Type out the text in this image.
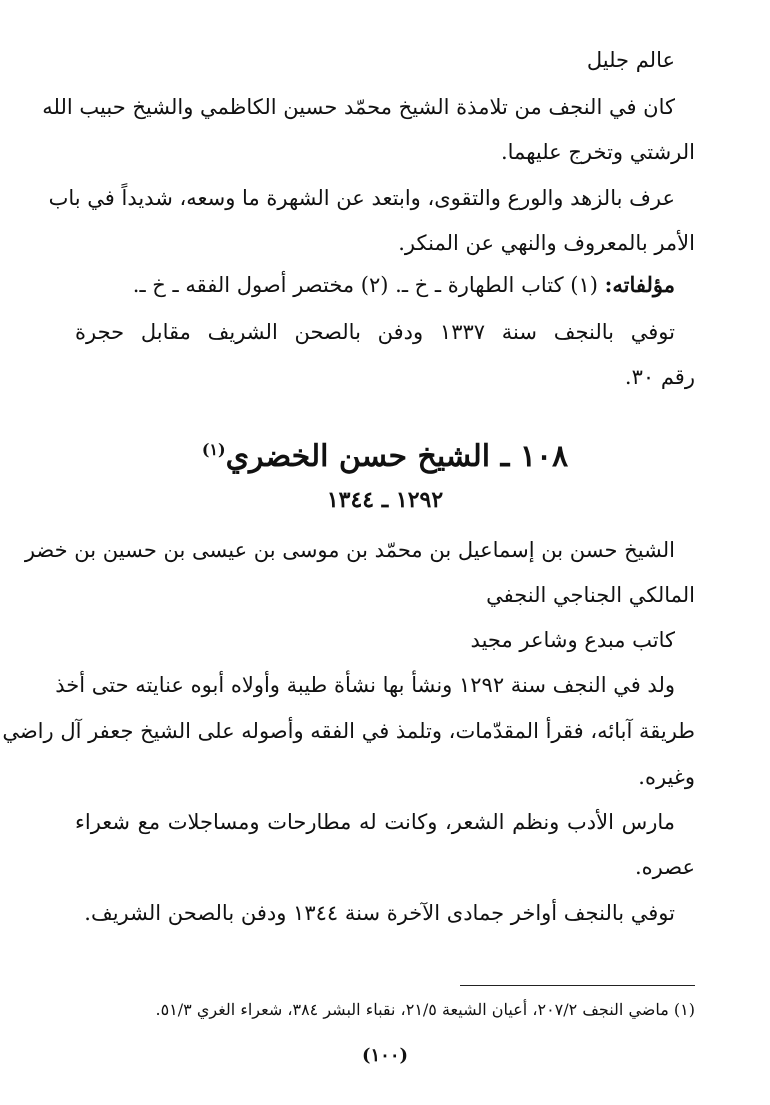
عالم جليل
كان في النجف من تلامذة الشيخ محمّد حسين الكاظمي والشيخ حبيب الله
الرشتي وتخرج عليهما.
عرف بالزهد والورع والتقوى، وابتعد عن الشهرة ما وسعه، شديداً في باب
الأمر بالمعروف والنهي عن المنكر.
مؤلفاته: (١) كتاب الطهارة ـ خ ـ. (٢) مختصر أصول الفقه ـ خ ـ.
توفي بالنجف سنة ١٣٣٧ ودفن بالصحن الشريف مقابل حجرة
رقم ٣٠.
١٠٨ ـ الشيخ حسن الخضري$^{(١)}$
١٢٩٢ ـ ١٣٤٤
الشيخ حسن بن إسماعيل بن محمّد بن موسى بن عيسى بن حسين بن خضر
المالكي الجناجي النجفي
كاتب مبدع وشاعر مجيد
ولد في النجف سنة ١٢٩٢ ونشأ بها نشأة طيبة وأولاه أبوه عنايته حتى أخذ
طريقة آبائه، فقرأ المقدّمات، وتلمذ في الفقه وأصوله على الشيخ جعفر آل راضي
وغيره.
مارس الأدب ونظم الشعر، وكانت له مطارحات ومساجلات مع شعراء
عصره.
توفي بالنجف أواخر جمادى الآخرة سنة ١٣٤٤ ودفن بالصحن الشريف.
(١) ماضي النجف ٢٠٧/٢، أعيان الشيعة ٢١/٥، نقباء البشر ٣٨٤، شعراء الغري ٥١/٣.
(١٠٠)
